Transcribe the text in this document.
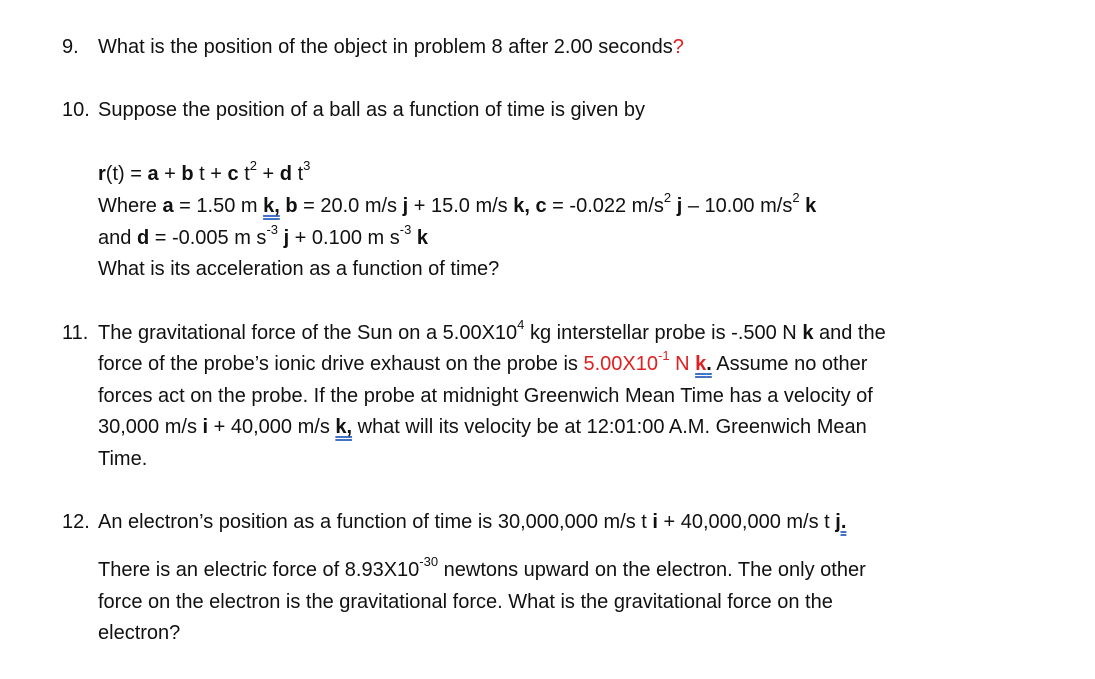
9. What is the position of the object in problem 8 after 2.00 seconds?
10. Suppose the position of a ball as a function of time is given by
r(t) = a + b t + c $t^2 + d$ $t^3$
Where a = 1.50 m k, b = 20.0 m/s j + 15.0 m/s k, c = -0.022 $m/s^2$ j – 10.00 $m/s^2$ k
and d = -0.005 m $s^{-3}$ j + 0.100 m $s^{-3}$ k
What is its acceleration as a function of time?
11. The gravitational force of the Sun on a $5.00X10^4$ kg interstellar probe is -.500 N k and the
force of the probe’s ionic drive exhaust on the probe is $5.00X10^{-1}$ N k. Assume no other
forces act on the probe. If the probe at midnight Greenwich Mean Time has a velocity of
30,000 m/s i + 40,000 m/s k, what will its velocity be at 12:01:00 A.M. Greenwich Mean
Time.
12. An electron’s position as a function of time is 30,000,000 m/s t i + 40,000,000 m/s t j.
There is an electric force of $8.93X10^{-30}$ newtons upward on the electron. The only other
force on the electron is the gravitational force. What is the gravitational force on the
electron?
